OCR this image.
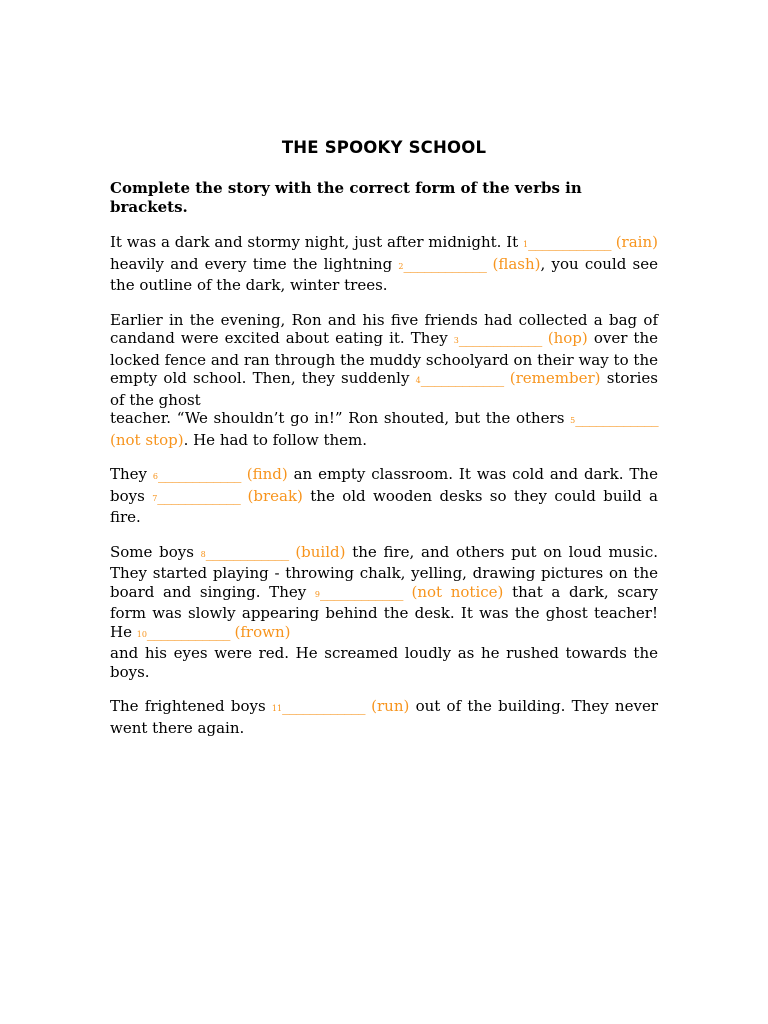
THE SPOOKY SCHOOL
Complete the story with the correct form of the verbs in brackets.

It was a dark and stormy night, just after midnight. It 1____________ (rain) heavily and every time the lightning 2____________ (flash), you could see the outline of the dark, winter trees.

Earlier in the evening, Ron and his five friends had collected a bag of candand were excited about eating it. They 3____________ (hop) over the locked fence and ran through the muddy schoolyard on their way to the empty old school. Then, they suddenly 4____________ (remember) stories of the ghost
teacher. “We shouldn’t go in!” Ron shouted, but the others 5____________ (not stop). He had to follow them.

They 6____________ (find) an empty classroom. It was cold and dark. The boys 7____________ (break) the old wooden desks so they could build a fire.

Some boys 8____________ (build) the fire, and others put on loud music. They started playing - throwing chalk, yelling, drawing pictures on the board and singing. They 9____________ (not notice) that a dark, scary form was slowly appearing behind the desk. It was the ghost teacher! He 10____________ (frown)
and his eyes were red. He screamed loudly as he rushed towards the boys.

The frightened boys 11____________ (run) out of the building. They never went there again.
